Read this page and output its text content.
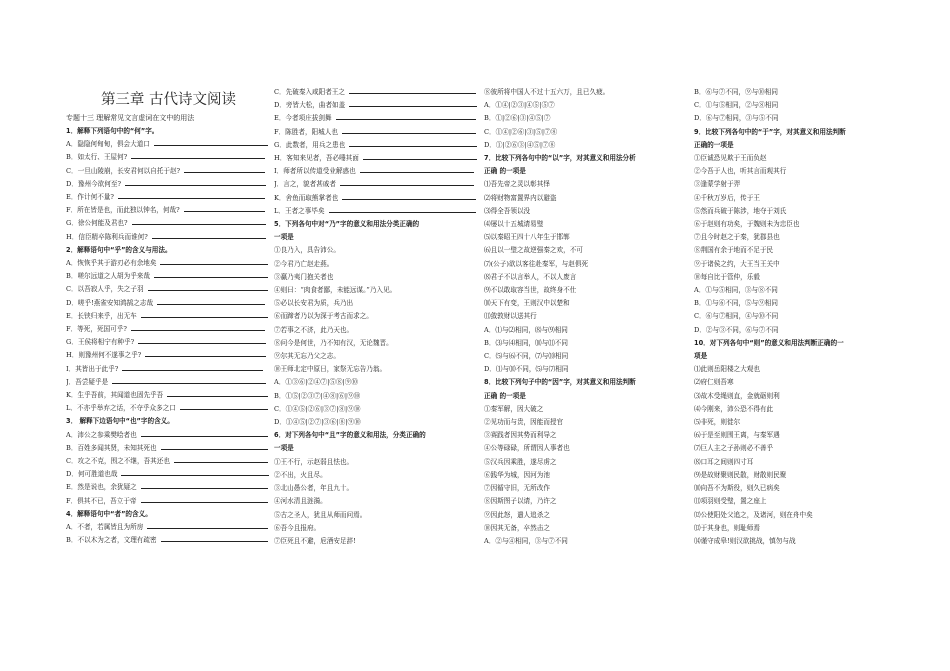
第三章 古代诗文阅读
专题十三 理解常见文言虚词在文中的用法
1．解释下列语句中的“何”字。
A．隐隐何甸甸，俱会大道口
B．如太行、王屋何?
C．一旦山陵崩，长安君何以自托于赵?
D．豫州今欲何至?
E．作计何不量?
F．所在皆是也，而此独以钟名，何哉?
G．徐公何能及君也?
H．信臣精卒陈利兵而谁何?
2．解释语句中“乎”的含义与用法。
A．恢恢乎其于游刃必有余地矣
B．嗟尔远道之人胡为乎来哉
C．以吾寂人乎，失之子羽
D．嗟乎!燕雀安知鸿鹄之志哉
E．长铗归来乎，出无车
F．等死，死国可乎?
G．王侯将相宁有种乎?
H．则豫州何不遂事之乎?
I．其皆出于此乎?
J．吾尝疑乎是
K．生乎吾前，其闻道也固先乎吾
L．不亦乎举弃之话，不夺乎众多之口
3． 解释下边语句中“也”字的含义。
A．沛公之参乘樊哙者也
B．百姓多闻其贤，未知其死也
C．攻之不克，围之不继，吾其还也
D．何可胜道也哉
E．然是说也，余犹疑之
F．俱其不已，吾立于帝
4．解释语句中“者”的含义。
A．不者，若属皆且为所房
B．不以木为之者，文理有疏密
C．先破秦入咸阳者王之
D．旁皆大松，曲者如盖
E．今者项庄拔剑舞
F．陈胜者，阳城人也
G．此数者，用兵之患也
H．客知来见者，吾必唾其面
I．师者所以传道受业解惑也
J．言之，貌者甚戚者
K．舍鱼而取熊掌者也
L．王者之事毕矣
5．下列各句中对“乃”字的意义和用法分类正确的
一项是
①良乃入，具告沛公。
②今君乃亡赵走燕。
③赢乃夷门抱关者也
④则曰：“肉食者鄙，未能远谋。”乃入见。
⑤必以长安君为质，兵乃出
⑥而蹄者乃以为深于考古而求之。
⑦若事之不济，此乃天也。
⑧问今是何世，乃不知有汉，无论魏晋。
⑨尔其无忘乃父之志。
⑩王师北定中原日，家祭无忘告乃翁。
A．①③⑥|②④⑦|⑤⑧|⑨⑩
B．①⑤|②③⑦|④⑧|⑥|⑨⑩
C．①④⑤|②⑥|③⑦|⑧|⑨⑩
D．①④⑤|②⑦|③⑥|⑧|⑨⑩
6．对下列各句中“且”字的意义和用法，分类正确的
一项是
①王不行，示赵弱且怯也。
②不出，火且尽。
③北山愚公者，年且九十。
④河水清且涟漪。
⑤古之圣人，犹且从师而问焉。
⑥吾今且报府。
⑦臣死且不避，卮酒安足辞!
⑧彼所将中国人不过十五六万，且已久疲。
A．①④|②③|④⑤|⑤⑦
B．①|②⑥|③|④⑤|⑦
C．①④|②⑥|③|⑤|⑦⑧
D．①|②⑥③|④⑤|⑦⑧
7．比较下列各句中的“以”字，对其意义和用法分析
正确 的一项是
⑴吾先帝之灵以彰其怿
⑵将财物富置界内以避盗
⑶得全吾领以没
⑷屡以十五城请易璧
⑸以秦昭王四十八年生于邯郸
⑹且以一璧之故逆强秦之欢，不可
⑺(公子)欲以客往赴秦军，与赵俱死
⑻君子不以言举人，不以人废言
⑼不以敢取容当世，故终身不仕
⑽天下有变，王则汉中以楚和
⑾敛敦财以送其行
A．⑴与⑵相同，⑻与⑼相同
B．⑶与⑷相同，⑽与⑾不同
C．⑸与⑹不同，⑺与⑽相同
D．⑴与⑽不同，⑸与⑺相同
8．比较下列句子中的“因”字，对其意义和用法判断
正确 的一项是
①秦军解，因大破之
②见功而与贵，因能而授官
③赛践者因其势而利导之
④公等碌碌，所谓因人事者也
⑤汉兵因乘胜，遂尽虏之
⑥践华为城，因河为池
⑦因循守旧，无所改作
⑧因斯图子以请，乃许之
⑨因此怒，遣人追杀之
⑩因其无备，卒然击之
A．②与④相同，③与⑦不同
B．⑥与⑦不同，⑨与⑩相同
C．①与⑤相同，②与⑧相同
D．⑥与⑦相同，③与⑤不同
9．比较下列各句中的“于”字，对其意义和用法判断
正确的一项是
①臣诚恐见欺于王而负赵
②今吾于人也，听其言而观其行
③逢蒙学射于羿
④千秋万岁后，传于王
⑤然而兵破于陈涉，地夺于刘氏
⑥于赵则有功矣，于魏则未为忠臣也
⑦且今时赵之于秦，犹郡县也
⑧荆国有余于地而不足于民
⑨于诸侯之约，大王当王关中
⑩每自比于管仲，乐毅
A．①与⑤相同，③与⑧不同
B．①与⑥不同，⑤与⑨相同
C．⑥与⑦相同，④与⑩不同
D．②与③不同，⑥与⑦不同
10．对下列各句中“则”的意义和用法判断正确的一
项是
⑴此则岳阳楼之大观也
⑵府仁则吾寒
⑶故木受绳则直，金就砺则利
⑷今刚来，沛公恐不得有此
⑸非死，则徙尔
⑹于是至则围王离，与秦军遇
⑺巨人主之子孙则必不善乎
⑻口耳之间则四寸耳
⑼是故财聚则民散，财散则民聚
⑽向吾不为斯役，则久已病矣
⑾项羽则受璧，置之座上
⑿公使阳处父追之，及诸河，则在舟中矣
⒀于其身也，则耻师焉
⒁谨守成皋!则汉欲挑战，慎勿与战
